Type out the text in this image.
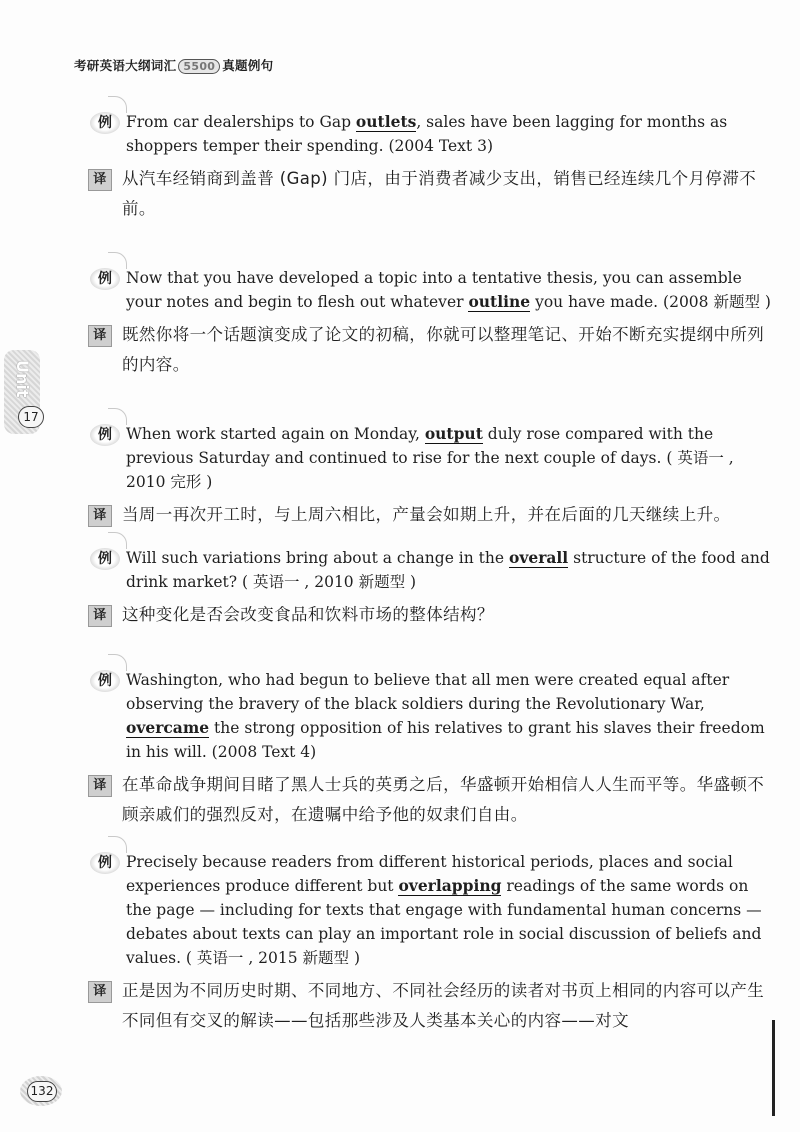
考研英语大纲词汇 5500 真题例句
Unit
17
例 From car dealerships to Gap outlets, sales have been lagging for months as shoppers temper their spending. (2004 Text 3)
译 从汽车经销商到盖普 (Gap) 门店，由于消费者减少支出，销售已经连续几个月停滞不前。
例 Now that you have developed a topic into a tentative thesis, you can assemble your notes and begin to flesh out whatever outline you have made. (2008 新题型 )
译 既然你将一个话题演变成了论文的初稿，你就可以整理笔记、开始不断充实提纲中所列的内容。
例 When work started again on Monday, output duly rose compared with the previous Saturday and continued to rise for the next couple of days. ( 英语一 , 2010 完形 )
译 当周一再次开工时，与上周六相比，产量会如期上升，并在后面的几天继续上升。
例 Will such variations bring about a change in the overall structure of the food and drink market? ( 英语一 , 2010 新题型 )
译 这种变化是否会改变食品和饮料市场的整体结构？
例 Washington, who had begun to believe that all men were created equal after observing the bravery of the black soldiers during the Revolutionary War, overcame the strong opposition of his relatives to grant his slaves their freedom in his will. (2008 Text 4)
译 在革命战争期间目睹了黑人士兵的英勇之后，华盛顿开始相信人人生而平等。华盛顿不顾亲戚们的强烈反对，在遗嘱中给予他的奴隶们自由。
例 Precisely because readers from different historical periods, places and social experiences produce different but overlapping readings of the same words on the page — including for texts that engage with fundamental human concerns — debates about texts can play an important role in social discussion of beliefs and values. ( 英语一 , 2015 新题型 )
译 正是因为不同历史时期、不同地方、不同社会经历的读者对书页上相同的内容可以产生不同但有交叉的解读——包括那些涉及人类基本关心的内容——对文
132
